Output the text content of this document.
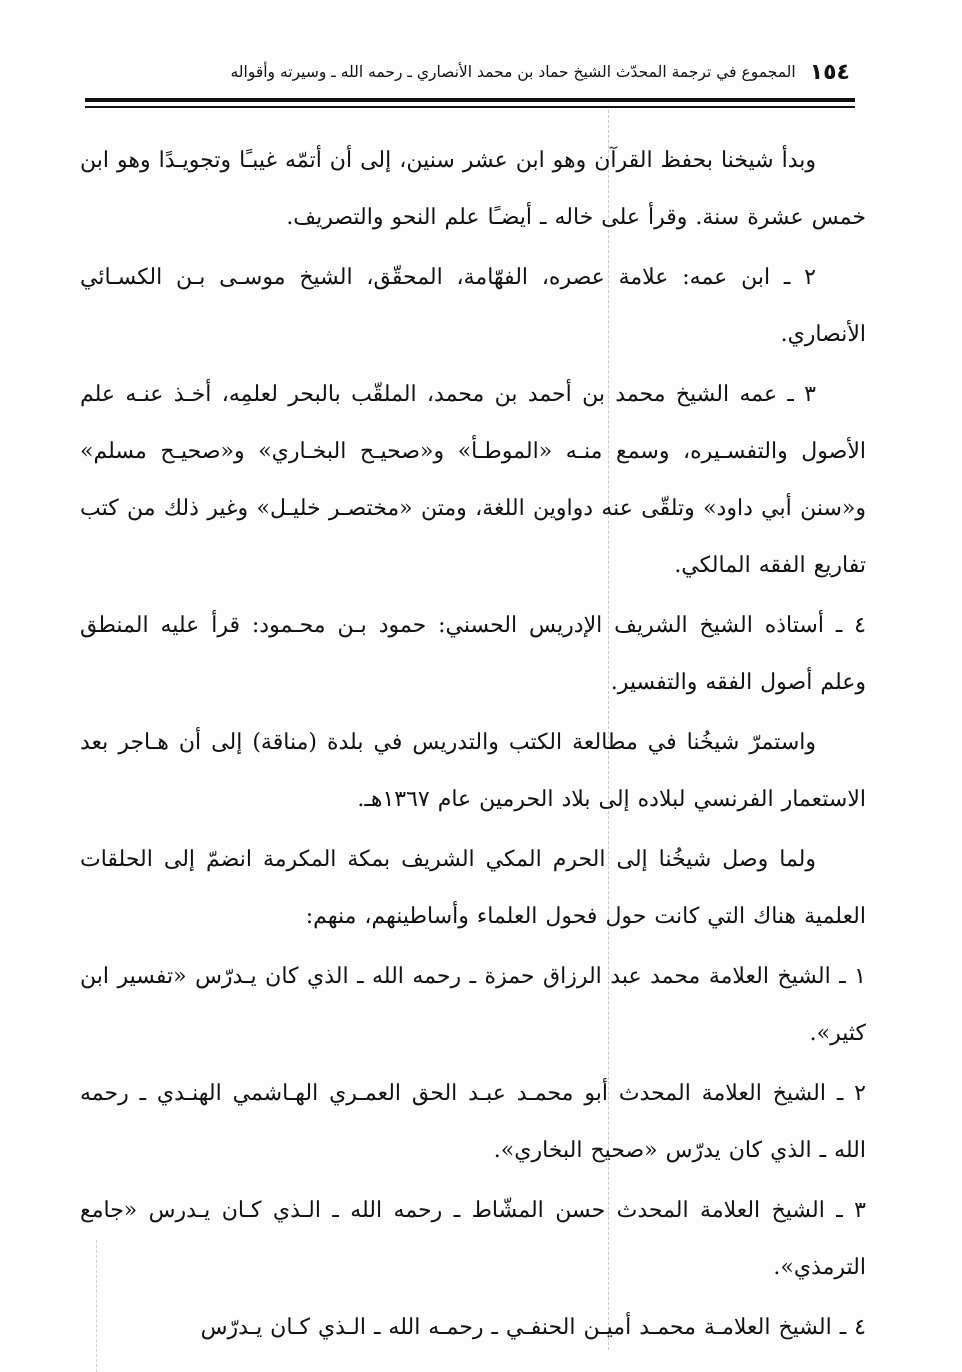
١٥٤
المجموع في ترجمة المحدّث الشيخ حماد بن محمد الأنصاري ـ رحمه الله ـ وسيرته وأقواله

وبدأ شيخنا بحفظ القرآن وهو ابن عشر سنين، إلى أن أتمّه غيبـًا وتجويـدًا وهو ابن خمس عشرة سنة. وقرأ على خاله ـ أيضـًا علم النحو والتصريف.

٢ ـ ابن عمه: علامة عصره، الفهّامة، المحقّق، الشيخ موسـى بـن الكسـائي الأنصاري.

٣ ـ عمه الشيخ محمد بن أحمد بن محمد، الملقّب بالبحر لعلمِه، أخـذ عنـه علم الأصول والتفسـيره، وسمع منـه «الموطـأ» و«صحيـح البخـاري» و«صحيـح مسلم» و«سنن أبي داود» وتلقّى عنه دواوين اللغة، ومتن «مختصـر خليـل» وغير ذلك من كتب تفاريع الفقه المالكي.

٤ ـ أستاذه الشيخ الشريف الإدريس الحسني: حمود بـن محـمود: قرأ عليه المنطق وعلم أصول الفقه والتفسير.

واستمرّ شيخُنا في مطالعة الكتب والتدريس في بلدة (مناقة) إلى أن هـاجر بعد الاستعمار الفرنسي لبلاده إلى بلاد الحرمين عام ١٣٦٧هـ.

ولما وصل شيخُنا إلى الحرم المكي الشريف بمكة المكرمة انضمّ إلى الحلقات العلمية هناك التي كانت حول فحول العلماء وأساطينهم، منهم:

١ ـ الشيخ العلامة محمد عبد الرزاق حمزة ـ رحمه الله ـ الذي كان يـدرّس «تفسير ابن كثير».

٢ ـ الشيخ العلامة المحدث أبو محمـد عبـد الحق العمـري الهـاشمي الهنـدي ـ رحمه الله ـ الذي كان يدرّس «صحيح البخاري».

٣ ـ الشيخ العلامة المحدث حسن المشّاط ـ رحمه الله ـ الـذي كـان يـدرس «جامع الترمذي».

٤ ـ الشيخ العلامـة محمـد أميـن الحنفـي ـ رحمـه الله ـ الـذي كـان يـدرّس
